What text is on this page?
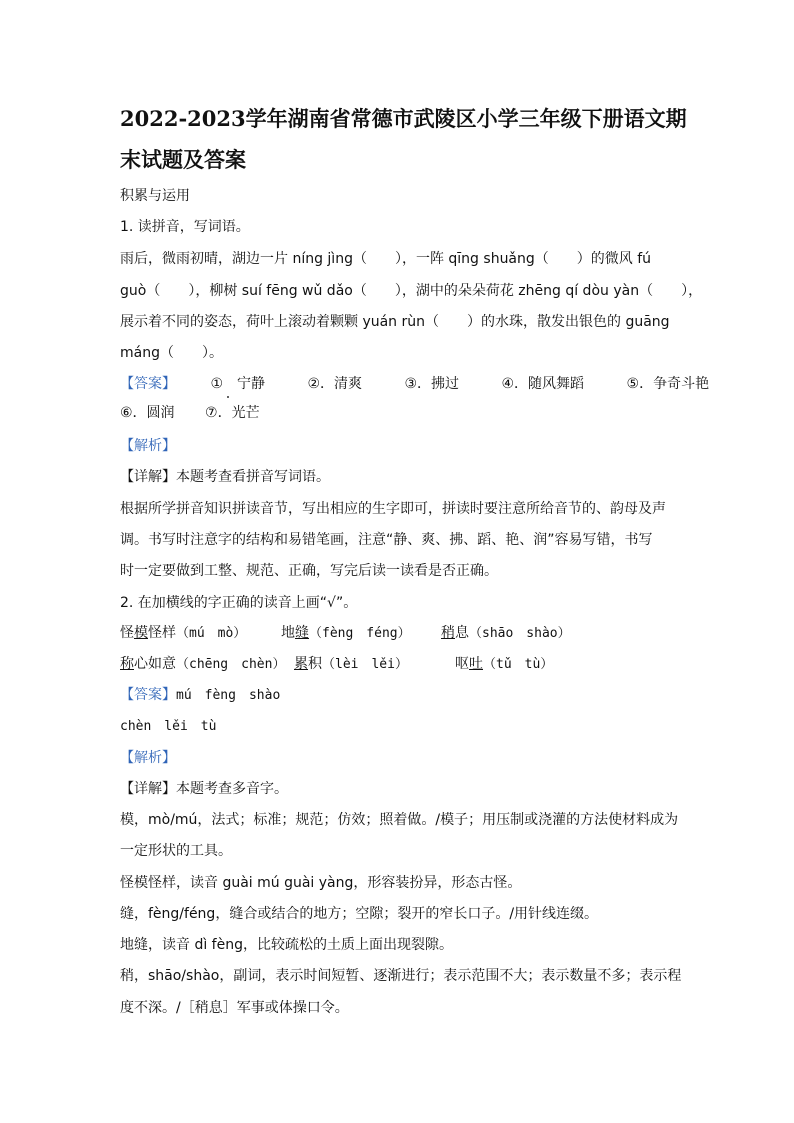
2022-2023学年湖南省常德市武陵区小学三年级下册语文期
末试题及答案
积累与运用
1. 读拼音，写词语。
雨后，微雨初晴，湖边一片 níng jìng（　　），一阵 qīng shuǎng（　　）的微风 fú
guò（　　），柳树 suí fēng wǔ dǎo（　　），湖中的朵朵荷花 zhēng qí dòu yàn（　　），
展示着不同的姿态，荷叶上滚动着颗颗 yuán rùn（　　）的水珠，散发出银色的 guāng
máng（　　）。
【答案】 ①　宁静	②．清爽	③．拂过	④．随风舞蹈	⑤．争奇斗艳
⑥．圆润 ⑦．光芒
【解析】
【详解】本题考查看拼音写词语。
根据所学拼音知识拼读音节，写出相应的生字即可，拼读时要注意所给音节的、韵母及声
调。书写时注意字的结构和易错笔画，注意“静、爽、拂、蹈、艳、润”容易写错，书写
时一定要做到工整、规范、正确，写完后读一读看是否正确。
2. 在加横线的字正确的读音上画“√”。
怪模怪样（mú　mò） 地缝（fèng　féng） 稍息（shāo　shào）
称心如意（chēng　chèn） 累积（lèi　lěi）	呕吐（tǔ　tù）
【答案】mú　fèng　shào
chèn　lěi　tù
【解析】
【详解】本题考查多音字。
模，mò/mú，法式；标准；规范；仿效；照着做。/模子；用压制或浇灌的方法使材料成为
一定形状的工具。
怪模怪样，读音 guài mú guài yàng，形容装扮异，形态古怪。
缝，fèng/féng，缝合或结合的地方；空隙；裂开的窄长口子。/用针线连缀。
地缝，读音 dì fèng，比较疏松的土质上面出现裂隙。
稍，shāo/shào，副词，表示时间短暂、逐渐进行；表示范围不大；表示数量不多；表示程
度不深。/［稍息］军事或体操口令。
